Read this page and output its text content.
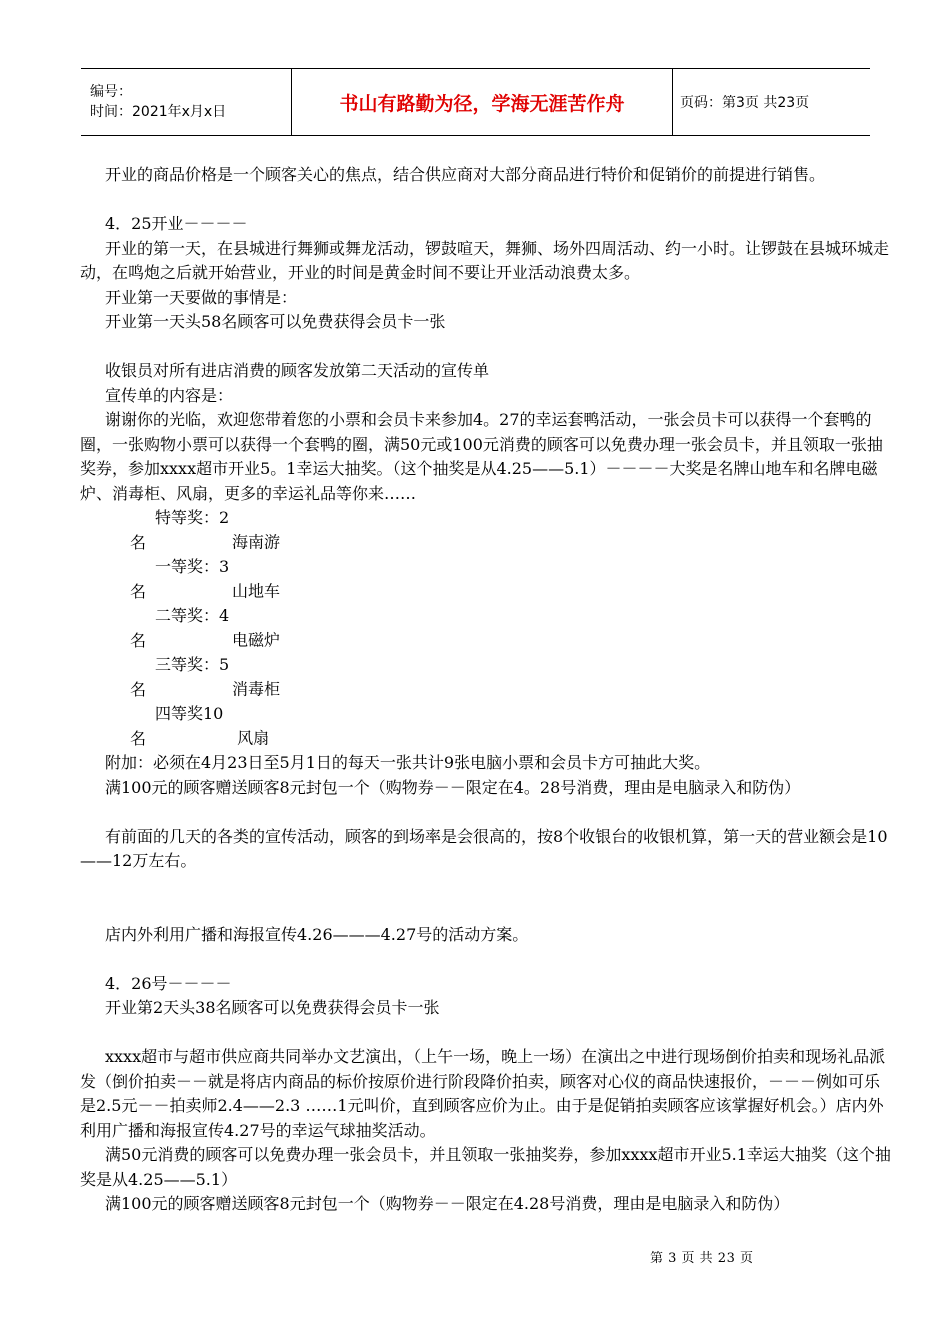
编号：
时间：2021年x月x日	书山有路勤为径，学海无涯苦作舟	页码：第3页 共23页

开业的商品价格是一个顾客关心的焦点，结合供应商对大部分商品进行特价和促销价的前提进行销售。

4．25开业－－－－

开业的第一天，在县城进行舞狮或舞龙活动，锣鼓喧天，舞狮、场外四周活动、约一小时。让锣鼓在县城环城走动，在鸣炮之后就开始营业，开业的时间是黄金时间不要让开业活动浪费太多。

开业第一天要做的事情是：

开业第一天头58名顾客可以免费获得会员卡一张

收银员对所有进店消费的顾客发放第二天活动的宣传单

宣传单的内容是：

谢谢你的光临，欢迎您带着您的小票和会员卡来参加4。27的幸运套鸭活动，一张会员卡可以获得一个套鸭的圈，一张购物小票可以获得一个套鸭的圈，满50元或100元消费的顾客可以免费办理一张会员卡，并且领取一张抽奖券，参加xxxx超市开业5。1幸运大抽奖。（这个抽奖是从4.25——5.1）－－－－大奖是名牌山地车和名牌电磁炉、消毒柜、风扇，更多的幸运礼品等你来……

特等奖：2名	海南游

一等奖：3名	山地车

二等奖：4名	电磁炉

三等奖：5名	消毒柜

四等奖10名	风扇

附加：必须在4月23日至5月1日的每天一张共计9张电脑小票和会员卡方可抽此大奖。

满100元的顾客赠送顾客8元封包一个（购物券－－限定在4。28号消费，理由是电脑录入和防伪）

有前面的几天的各类的宣传活动，顾客的到场率是会很高的，按8个收银台的收银机算，第一天的营业额会是10——12万左右。

店内外利用广播和海报宣传4.26———4.27号的活动方案。

4．26号－－－－

开业第2天头38名顾客可以免费获得会员卡一张

xxxx超市与超市供应商共同举办文艺演出，（上午一场，晚上一场）在演出之中进行现场倒价拍卖和现场礼品派发（倒价拍卖－－就是将店内商品的标价按原价进行阶段降价拍卖，顾客对心仪的商品快速报价，－－－例如可乐是2.5元－－拍卖师2.4——2.3 ……1元叫价，直到顾客应价为止。由于是促销拍卖顾客应该掌握好机会。）店内外利用广播和海报宣传4.27号的幸运气球抽奖活动。

满50元消费的顾客可以免费办理一张会员卡，并且领取一张抽奖券，参加xxxx超市开业5.1幸运大抽奖（这个抽奖是从4.25——5.1）

满100元的顾客赠送顾客8元封包一个（购物券－－限定在4.28号消费，理由是电脑录入和防伪）

第 3 页 共 23 页
